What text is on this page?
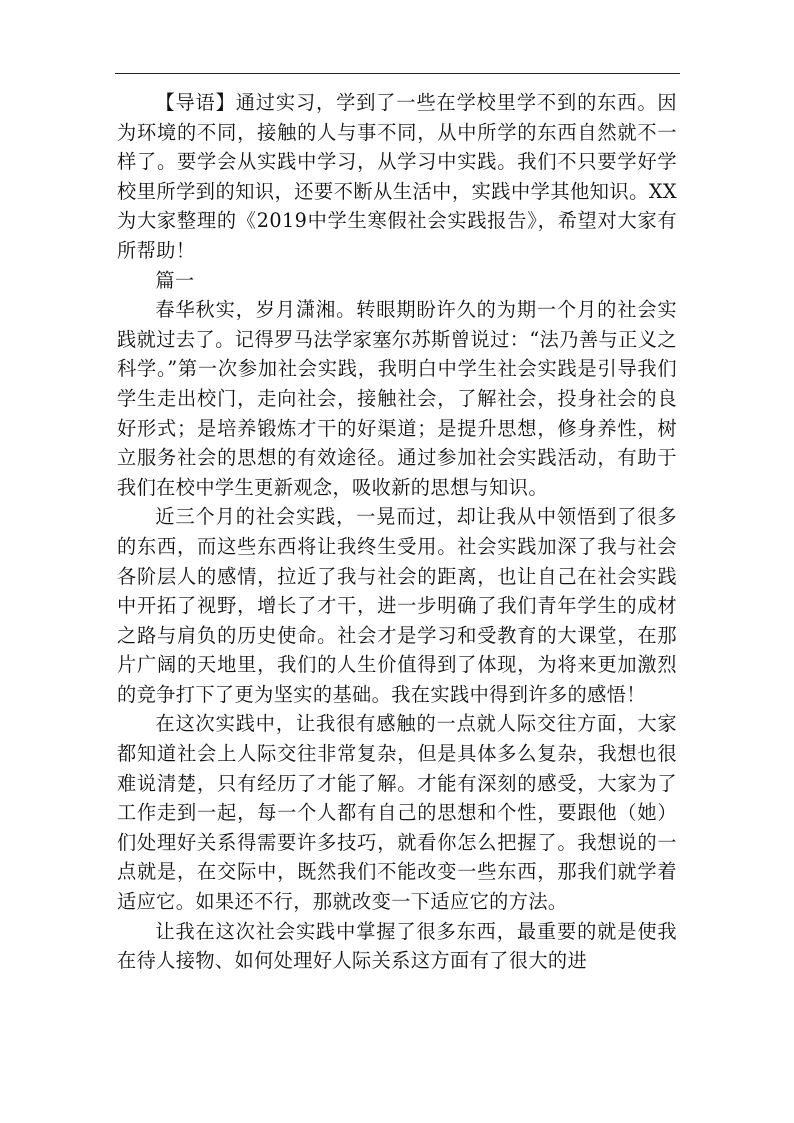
【导语】通过实习，学到了一些在学校里学不到的东西。因为环境的不同，接触的人与事不同，从中所学的东西自然就不一样了。要学会从实践中学习，从学习中实践。我们不只要学好学校里所学到的知识，还要不断从生活中，实践中学其他知识。XX为大家整理的《2019中学生寒假社会实践报告》，希望对大家有所帮助！

篇一

春华秋实，岁月潇湘。转眼期盼许久的为期一个月的社会实践就过去了。记得罗马法学家塞尔苏斯曾说过：“法乃善与正义之科学。”第一次参加社会实践，我明白中学生社会实践是引导我们学生走出校门，走向社会，接触社会，了解社会，投身社会的良好形式；是培养锻炼才干的好渠道；是提升思想，修身养性，树立服务社会的思想的有效途径。通过参加社会实践活动，有助于我们在校中学生更新观念，吸收新的思想与知识。

近三个月的社会实践，一晃而过，却让我从中领悟到了很多的东西，而这些东西将让我终生受用。社会实践加深了我与社会各阶层人的感情，拉近了我与社会的距离，也让自己在社会实践中开拓了视野，增长了才干，进一步明确了我们青年学生的成材之路与肩负的历史使命。社会才是学习和受教育的大课堂，在那片广阔的天地里，我们的人生价值得到了体现，为将来更加激烈的竞争打下了更为坚实的基础。我在实践中得到许多的感悟！

在这次实践中，让我很有感触的一点就人际交往方面，大家都知道社会上人际交往非常复杂，但是具体多么复杂，我想也很难说清楚，只有经历了才能了解。才能有深刻的感受，大家为了工作走到一起，每一个人都有自己的思想和个性，要跟他（她）们处理好关系得需要许多技巧，就看你怎么把握了。我想说的一点就是，在交际中，既然我们不能改变一些东西，那我们就学着适应它。如果还不行，那就改变一下适应它的方法。

让我在这次社会实践中掌握了很多东西，最重要的就是使我在待人接物、如何处理好人际关系这方面有了很大的进
